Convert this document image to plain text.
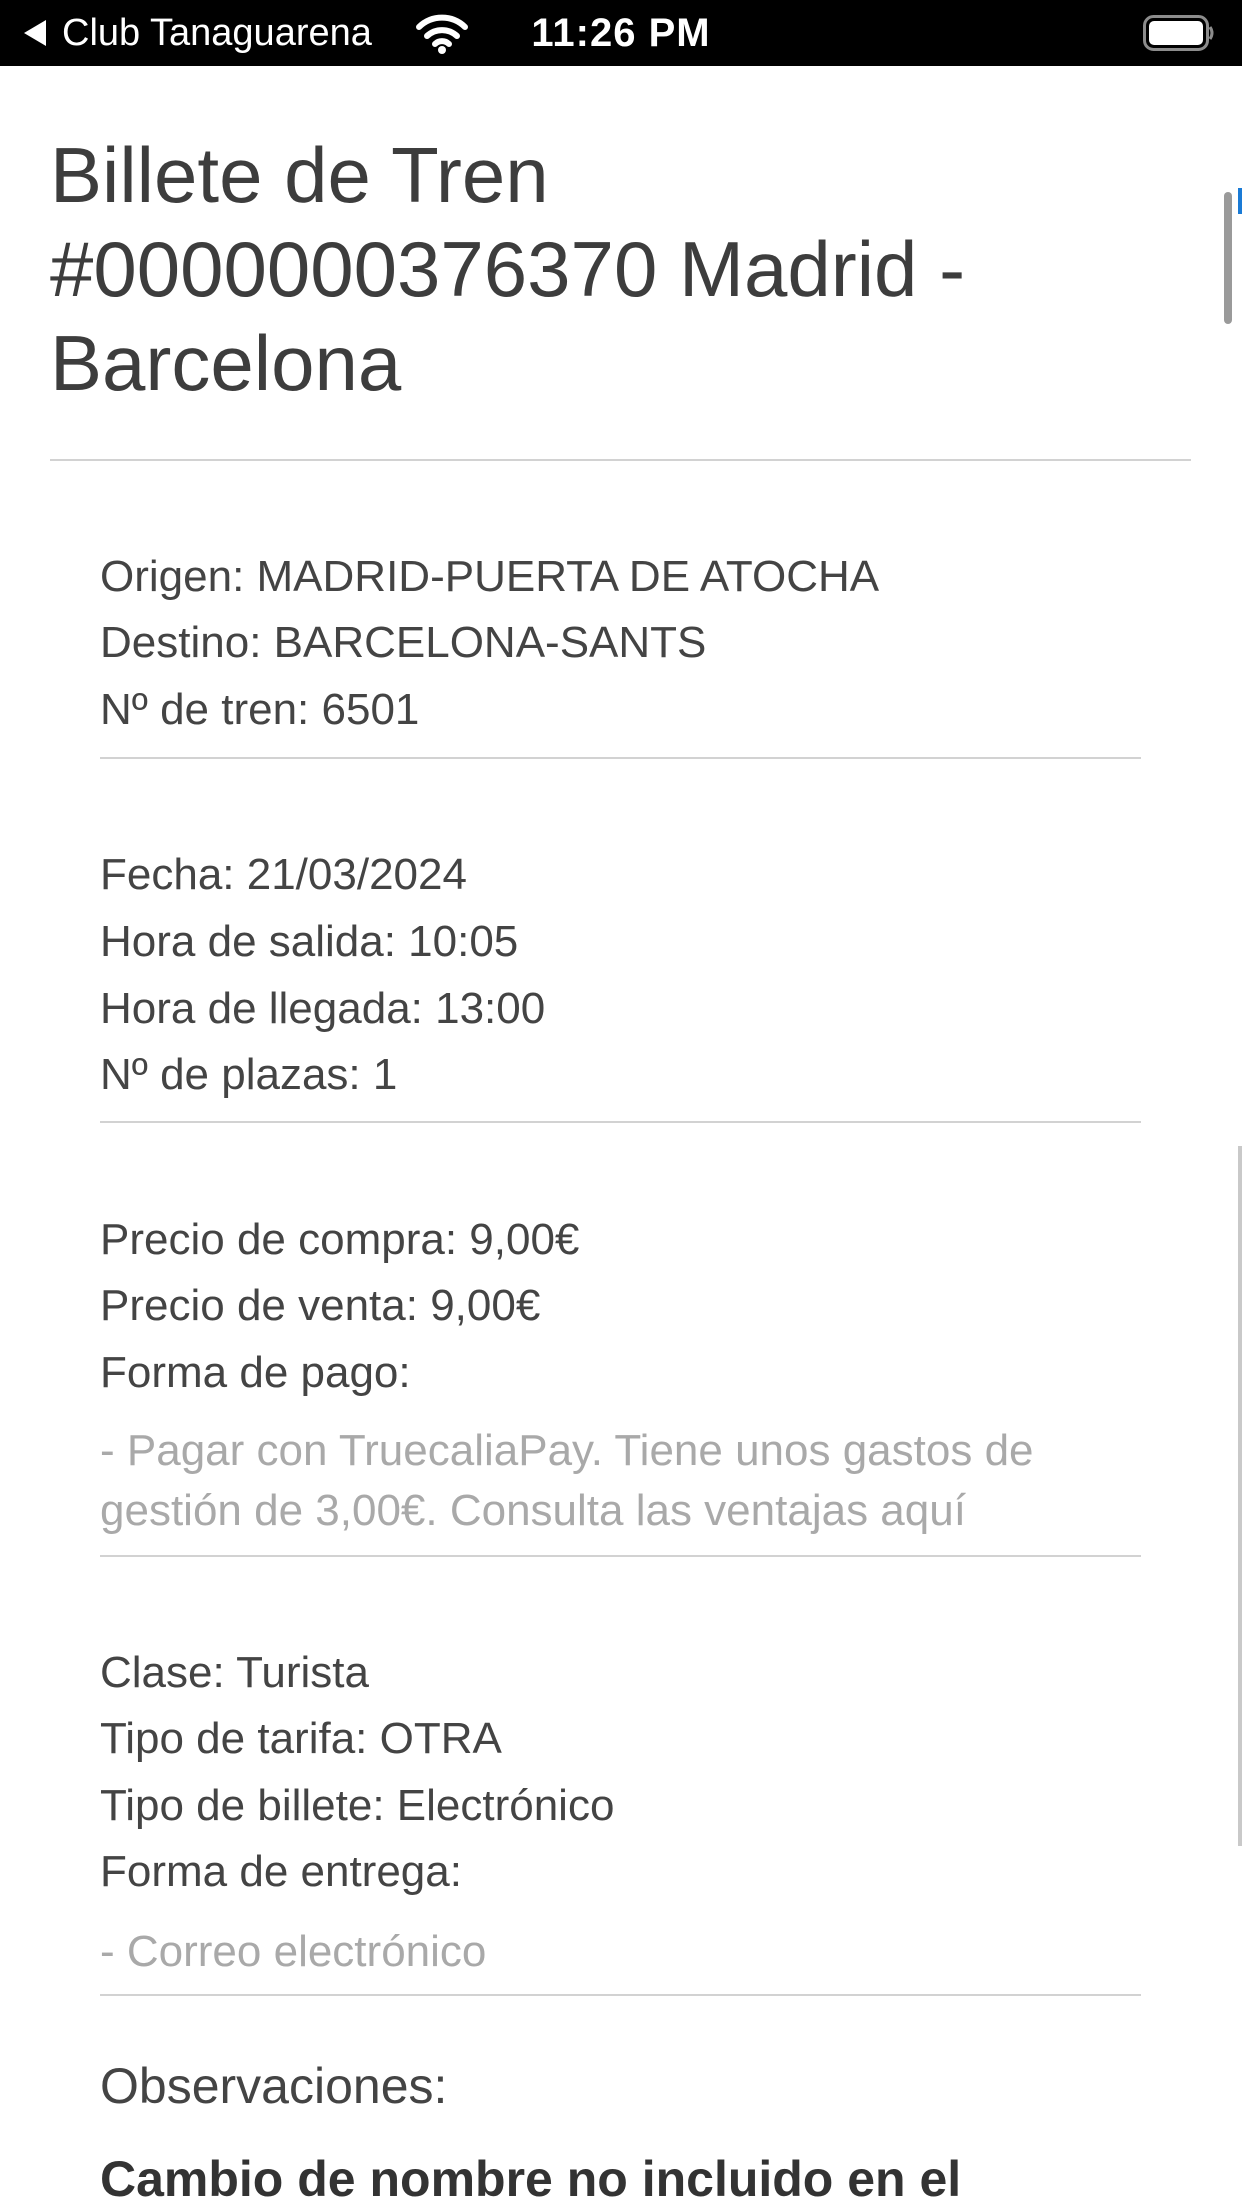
Club Tanaguarena	11:26 PM
Billete de Tren #0000000376370 Madrid - Barcelona
Origen: MADRID-PUERTA DE ATOCHA
Destino: BARCELONA-SANTS
Nº de tren: 6501
Fecha: 21/03/2024
Hora de salida: 10:05
Hora de llegada: 13:00
Nº de plazas: 1
Precio de compra: 9,00€
Precio de venta: 9,00€
Forma de pago:
- Pagar con TruecaliaPay. Tiene unos gastos de gestión de 3,00€. Consulta las ventajas aquí
Clase: Turista
Tipo de tarifa: OTRA
Tipo de billete: Electrónico
Forma de entrega:
- Correo electrónico
Observaciones:
Cambio de nombre no incluido en el
